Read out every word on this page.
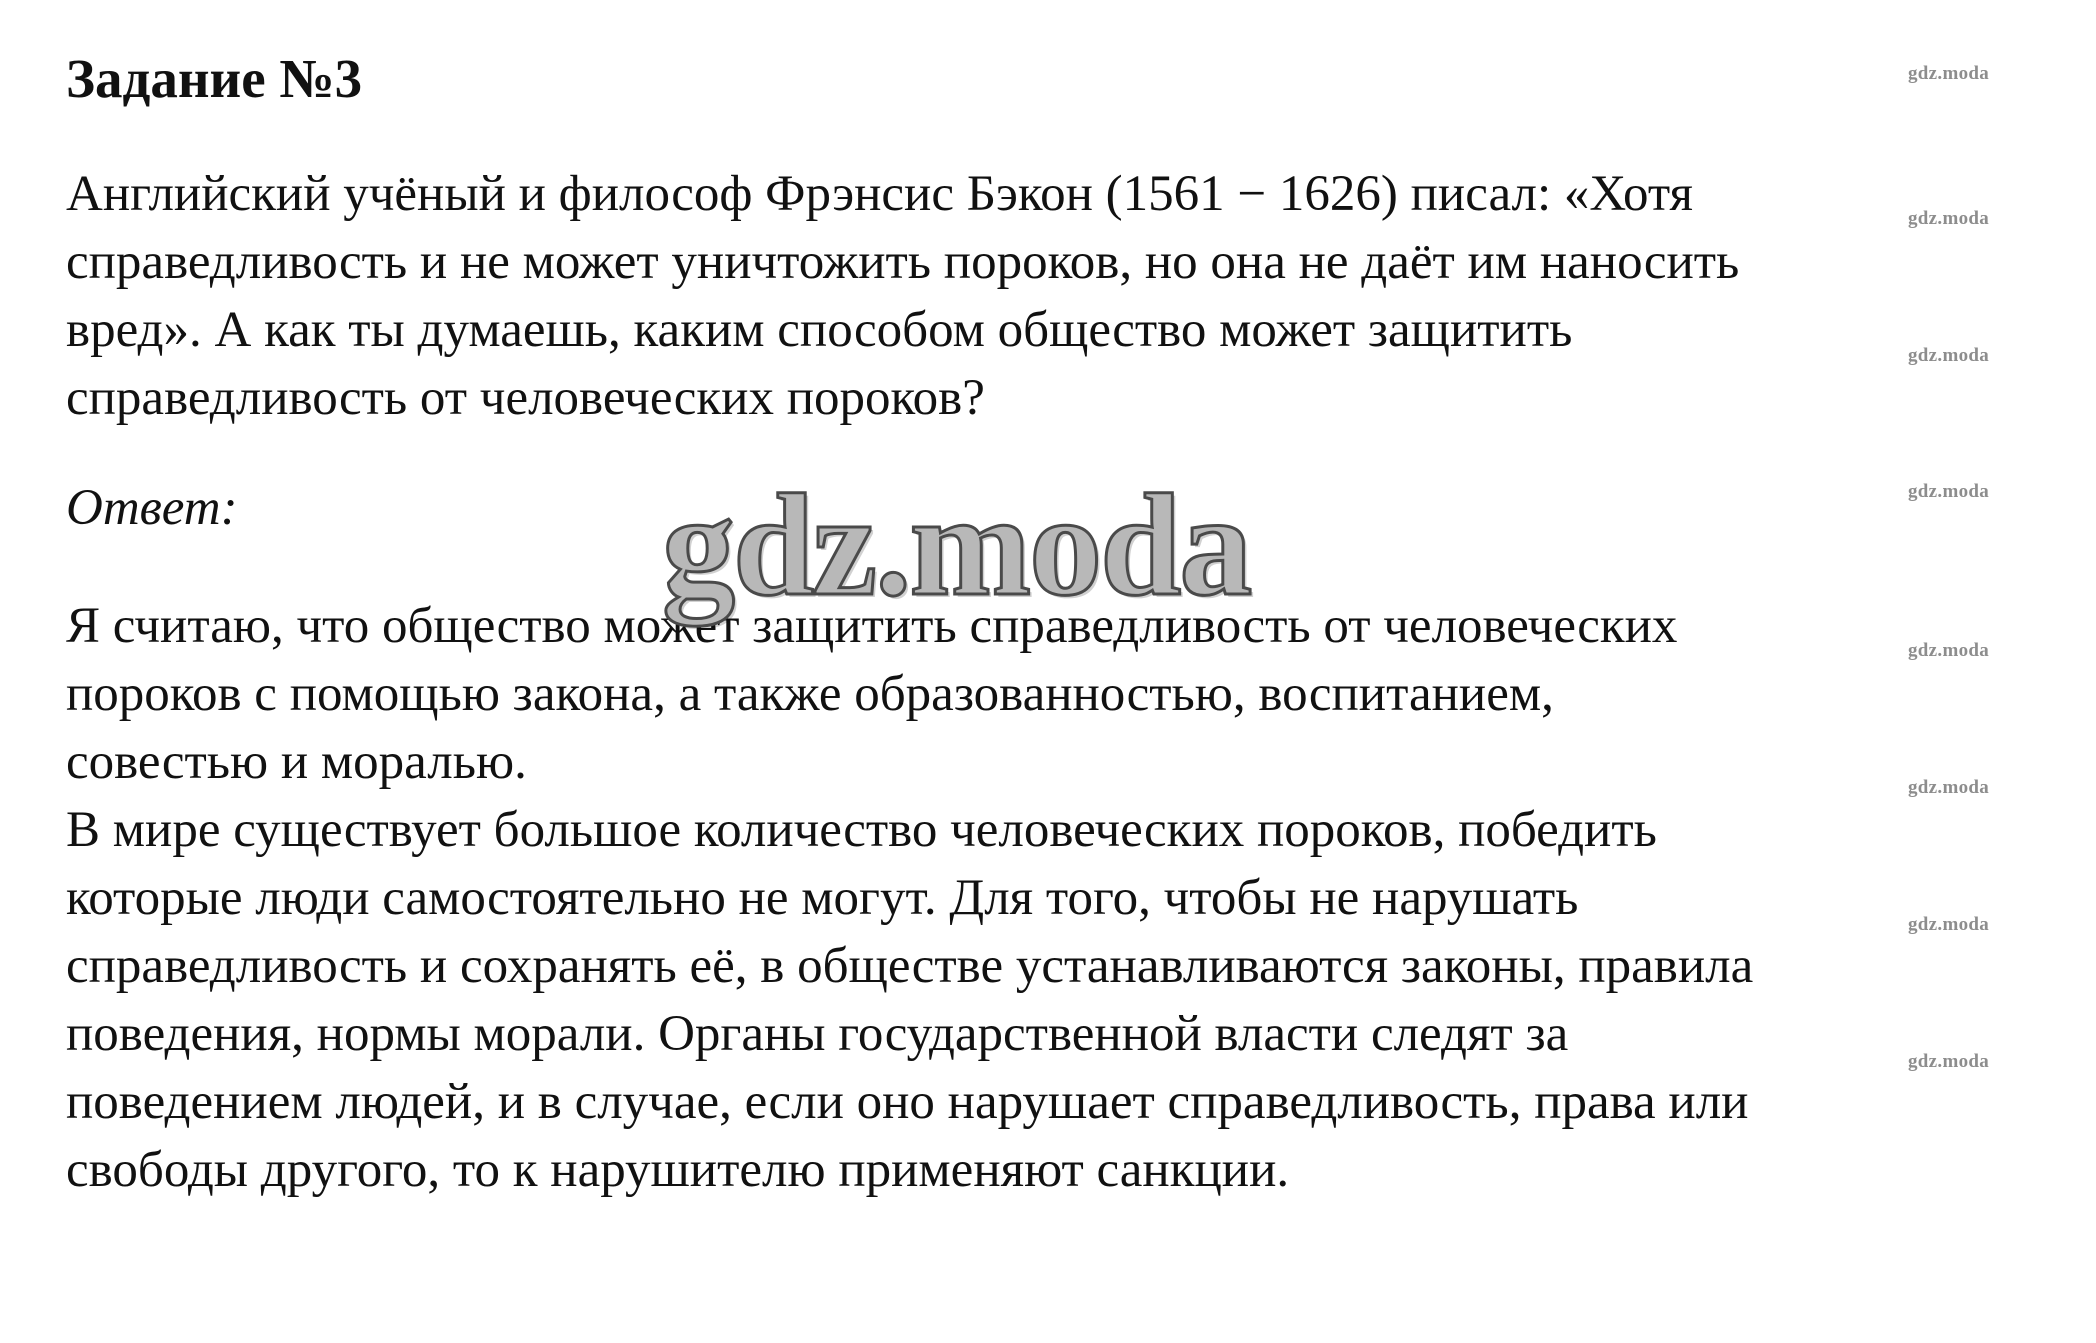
Задание №3
Английский учёный и философ Фрэнсис Бэкон (1561 − 1626) писал: «Хотя
справедливость и не может уничтожить пороков, но она не даёт им наносить
вред». А как ты думаешь, каким способом общество может защитить
справедливость от человеческих пороков?
Ответ:
Я считаю, что общество может защитить справедливость от человеческих
пороков с помощью закона, а также образованностью, воспитанием,
совестью и моралью.
В мире существует большое количество человеческих пороков, победить
которые люди самостоятельно не могут. Для того, чтобы не нарушать
справедливость и сохранять её, в обществе устанавливаются законы, правила
поведения, нормы морали. Органы государственной власти следят за
поведением людей, и в случае, если оно нарушает справедливость, права или
свободы другого, то к нарушителю применяют санкции.
gdz.moda
gdz.moda
gdz.moda
gdz.moda
gdz.moda
gdz.moda
gdz.moda
gdz.moda
gdz.moda
